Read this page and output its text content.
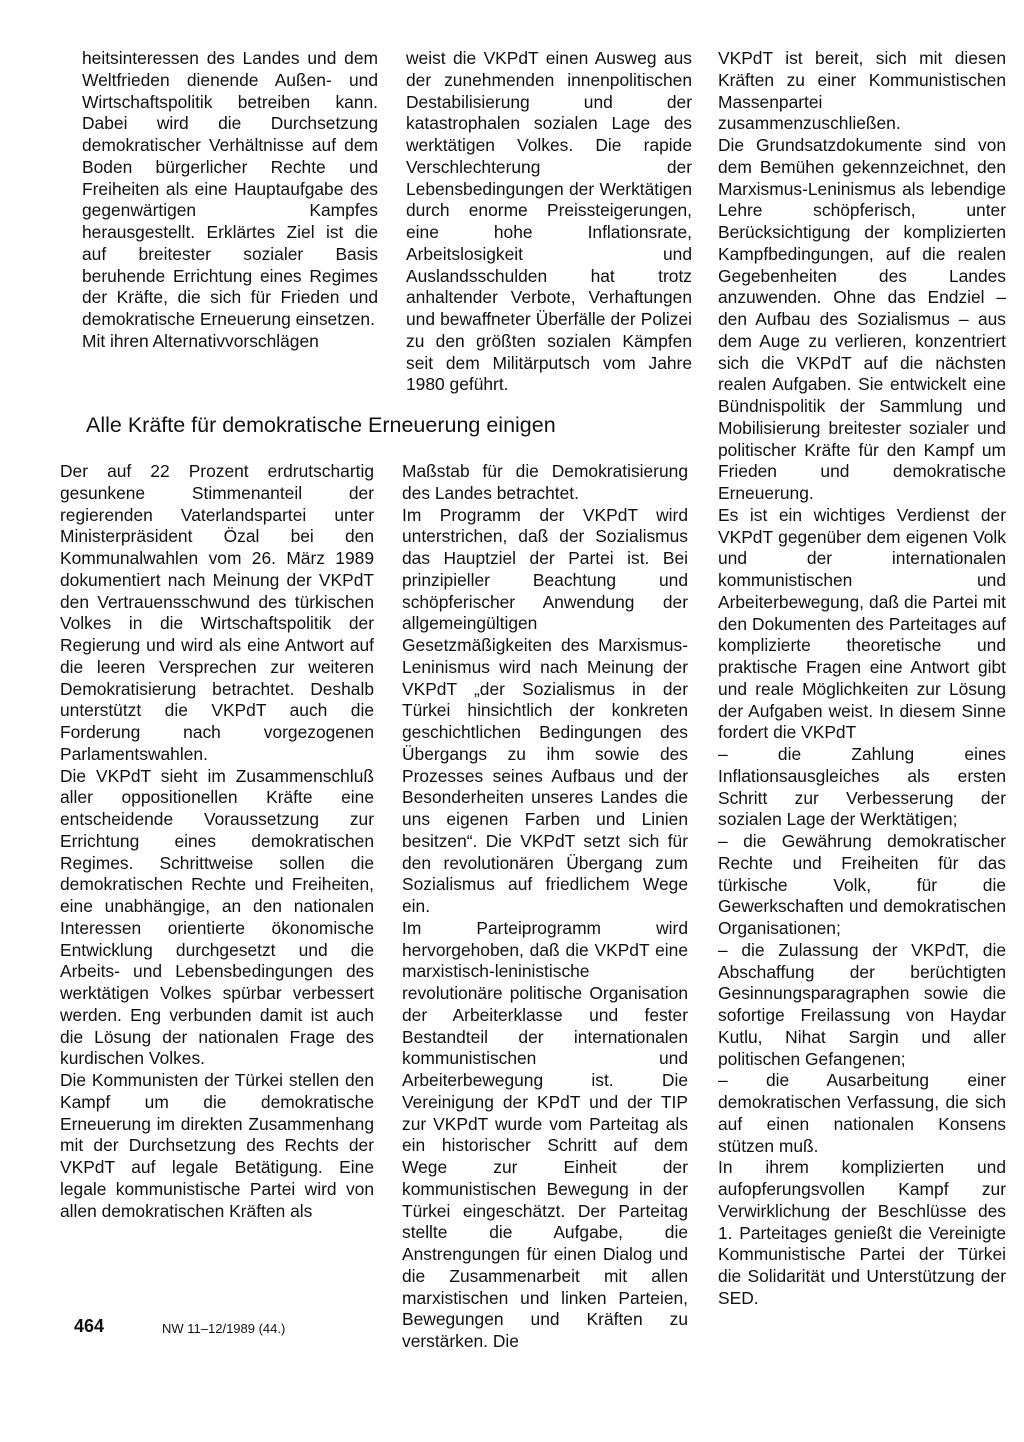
heitsinteressen des Landes und dem Weltfrieden dienende Außen- und Wirtschaftspolitik betreiben kann. Dabei wird die Durchsetzung demokratischer Verhältnisse auf dem Boden bürgerlicher Rechte und Freiheiten als eine Hauptaufgabe des gegenwärtigen Kampfes herausgestellt. Erklärtes Ziel ist die auf breitester sozialer Basis beruhende Errichtung eines Regimes der Kräfte, die sich für Frieden und demokratische Erneuerung einsetzen.

Mit ihren Alternativvorschlägen

weist die VKPdT einen Ausweg aus der zunehmenden innenpolitischen Destabilisierung und der katastrophalen sozialen Lage des werktätigen Volkes. Die rapide Verschlechterung der Lebensbedingungen der Werktätigen durch enorme Preissteigerungen, eine hohe Inflationsrate, Arbeitslosigkeit und Auslandsschulden hat trotz anhaltender Verbote, Verhaftungen und bewaffneter Überfälle der Polizei zu den größten sozialen Kämpfen seit dem Militärputsch vom Jahre 1980 geführt.

Alle Kräfte für demokratische Erneuerung einigen

Der auf 22 Prozent erdrutschartig gesunkene Stimmenanteil der regierenden Vaterlandspartei unter Ministerpräsident Özal bei den Kommunalwahlen vom 26. März 1989 dokumentiert nach Meinung der VKPdT den Vertrauensschwund des türkischen Volkes in die Wirtschaftspolitik der Regierung und wird als eine Antwort auf die leeren Versprechen zur weiteren Demokratisierung betrachtet. Deshalb unterstützt die VKPdT auch die Forderung nach vorgezogenen Parlamentswahlen.

Die VKPdT sieht im Zusammenschluß aller oppositionellen Kräfte eine entscheidende Voraussetzung zur Errichtung eines demokratischen Regimes. Schrittweise sollen die demokratischen Rechte und Freiheiten, eine unabhängige, an den nationalen Interessen orientierte ökonomische Entwicklung durchgesetzt und die Arbeits- und Lebensbedingungen des werktätigen Volkes spürbar verbessert werden. Eng verbunden damit ist auch die Lösung der nationalen Frage des kurdischen Volkes.

Die Kommunisten der Türkei stellen den Kampf um die demokratische Erneuerung im direkten Zusammenhang mit der Durchsetzung des Rechts der VKPdT auf legale Betätigung. Eine legale kommunistische Partei wird von allen demokratischen Kräften als

Maßstab für die Demokratisierung des Landes betrachtet.

Im Programm der VKPdT wird unterstrichen, daß der Sozialismus das Hauptziel der Partei ist. Bei prinzipieller Beachtung und schöpferischer Anwendung der allgemeingültigen Gesetzmäßigkeiten des Marxismus-Leninismus wird nach Meinung der VKPdT „der Sozialismus in der Türkei hinsichtlich der konkreten geschichtlichen Bedingungen des Übergangs zu ihm sowie des Prozesses seines Aufbaus und der Besonderheiten unseres Landes die uns eigenen Farben und Linien besitzen“. Die VKPdT setzt sich für den revolutionären Übergang zum Sozialismus auf friedlichem Wege ein.

Im Parteiprogramm wird hervorgehoben, daß die VKPdT eine marxistisch-leninistische revolutionäre politische Organisation der Arbeiterklasse und fester Bestandteil der internationalen kommunistischen und Arbeiterbewegung ist. Die Vereinigung der KPdT und der TIP zur VKPdT wurde vom Parteitag als ein historischer Schritt auf dem Wege zur Einheit der kommunistischen Bewegung in der Türkei eingeschätzt. Der Parteitag stellte die Aufgabe, die Anstrengungen für einen Dialog und die Zusammenarbeit mit allen marxistischen und linken Parteien, Bewegungen und Kräften zu verstärken. Die

VKPdT ist bereit, sich mit diesen Kräften zu einer Kommunistischen Massenpartei zusammenzuschließen.

Die Grundsatzdokumente sind von dem Bemühen gekennzeichnet, den Marxismus-Leninismus als lebendige Lehre schöpferisch, unter Berücksichtigung der komplizierten Kampfbedingungen, auf die realen Gegebenheiten des Landes anzuwenden. Ohne das Endziel – den Aufbau des Sozialismus – aus dem Auge zu verlieren, konzentriert sich die VKPdT auf die nächsten realen Aufgaben. Sie entwickelt eine Bündnispolitik der Sammlung und Mobilisierung breitester sozialer und politischer Kräfte für den Kampf um Frieden und demokratische Erneuerung.

Es ist ein wichtiges Verdienst der VKPdT gegenüber dem eigenen Volk und der internationalen kommunistischen und Arbeiterbewegung, daß die Partei mit den Dokumenten des Parteitages auf komplizierte theoretische und praktische Fragen eine Antwort gibt und reale Möglichkeiten zur Lösung der Aufgaben weist. In diesem Sinne fordert die VKPdT

– die Zahlung eines Inflationsausgleiches als ersten Schritt zur Verbesserung der sozialen Lage der Werktätigen;

– die Gewährung demokratischer Rechte und Freiheiten für das türkische Volk, für die Gewerkschaften und demokratischen Organisationen;

– die Zulassung der VKPdT, die Abschaffung der berüchtigten Gesinnungsparagraphen sowie die sofortige Freilassung von Haydar Kutlu, Nihat Sargin und aller politischen Gefangenen;

– die Ausarbeitung einer demokratischen Verfassung, die sich auf einen nationalen Konsens stützen muß.

In ihrem komplizierten und aufopferungsvollen Kampf zur Verwirklichung der Beschlüsse des 1. Parteitages genießt die Vereinigte Kommunistische Partei der Türkei die Solidarität und Unterstützung der SED.

464	NW 11–12/1989 (44.)
